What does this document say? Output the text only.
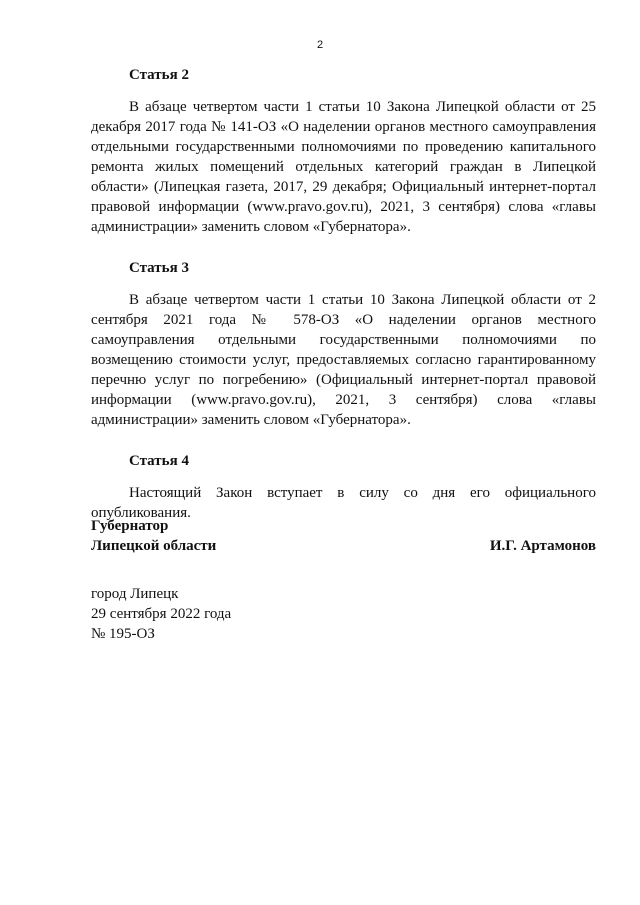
2

Статья 2

В абзаце четвертом части 1 статьи 10 Закона Липецкой области от 25 декабря 2017 года № 141-ОЗ «О наделении органов местного самоуправления отдельными государственными полномочиями по проведению капитального ремонта жилых помещений отдельных категорий граждан в Липецкой области» (Липецкая газета, 2017, 29 декабря; Официальный интернет-портал правовой информации (www.pravo.gov.ru), 2021, 3 сентября) слова «главы администрации» заменить словом «Губернатора».

Статья 3

В абзаце четвертом части 1 статьи 10 Закона Липецкой области от 2 сентября 2021 года № 578-ОЗ «О наделении органов местного самоуправления отдельными государственными полномочиями по возмещению стоимости услуг, предоставляемых согласно гарантированному перечню услуг по погребению» (Официальный интернет-портал правовой информации (www.pravo.gov.ru), 2021, 3 сентября) слова «главы администрации» заменить словом «Губернатора».

Статья 4

Настоящий Закон вступает в силу со дня его официального опубликования.

Губернатор
Липецкой области	И.Г. Артамонов
город Липецк
29 сентября 2022 года
№ 195-ОЗ
